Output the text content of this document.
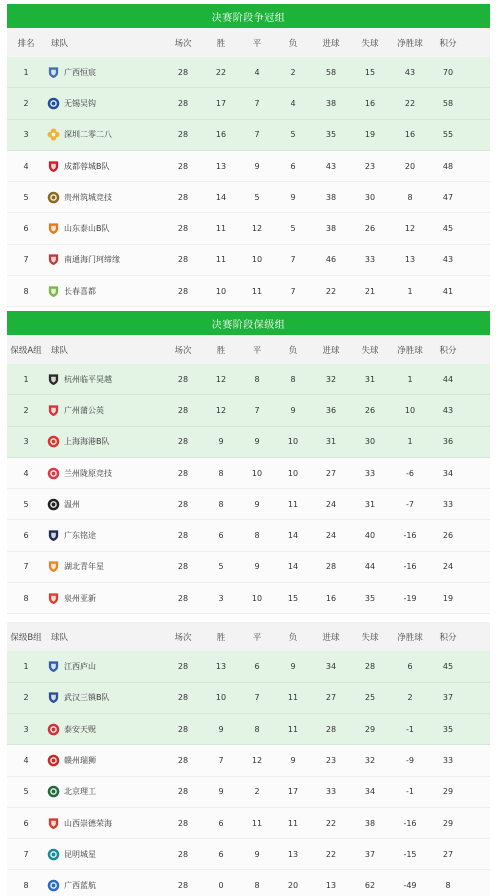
决赛阶段争冠组
排名	球队	场次	胜	平	负	进球	失球	净胜球	积分
1	广西恒宸	28	22	4	2	58	15	43	70
2	无锡吴钩	28	17	7	4	38	16	22	58
3	深圳二零二八	28	16	7	5	35	19	16	55
4	成都蓉城B队	28	13	9	6	43	23	20	48
5	贵州筑城竞技	28	14	5	9	38	30	8	47
6	山东泰山B队	28	11	12	5	38	26	12	45
7	南通海门珂缔缘	28	11	10	7	46	33	13	43
8	长春喜都	28	10	11	7	22	21	1	41
决赛阶段保级组
保级A组	球队	场次	胜	平	负	进球	失球	净胜球	积分
1	杭州临平昊越	28	12	8	8	32	31	1	44
2	广州蒲公英	28	12	7	9	36	26	10	43
3	上海海港B队	28	9	9	10	31	30	1	36
4	兰州陇原竞技	28	8	10	10	27	33	-6	34
5	温州	28	8	9	11	24	31	-7	33
6	广东铭途	28	6	8	14	24	40	-16	26
7	湖北青年星	28	5	9	14	28	44	-16	24
8	泉州亚新	28	3	10	15	16	35	-19	19
保级B组	球队	场次	胜	平	负	进球	失球	净胜球	积分
1	江西庐山	28	13	6	9	34	28	6	45
2	武汉三镇B队	28	10	7	11	27	25	2	37
3	泰安天贶	28	9	8	11	28	29	-1	35
4	赣州瑞狮	28	7	12	9	23	32	-9	33
5	北京理工	28	9	2	17	33	34	-1	29
6	山西崇德荣海	28	6	11	11	22	38	-16	29
7	昆明城星	28	6	9	13	22	37	-15	27
8	广西蓝航	28	0	8	20	13	62	-49	8
